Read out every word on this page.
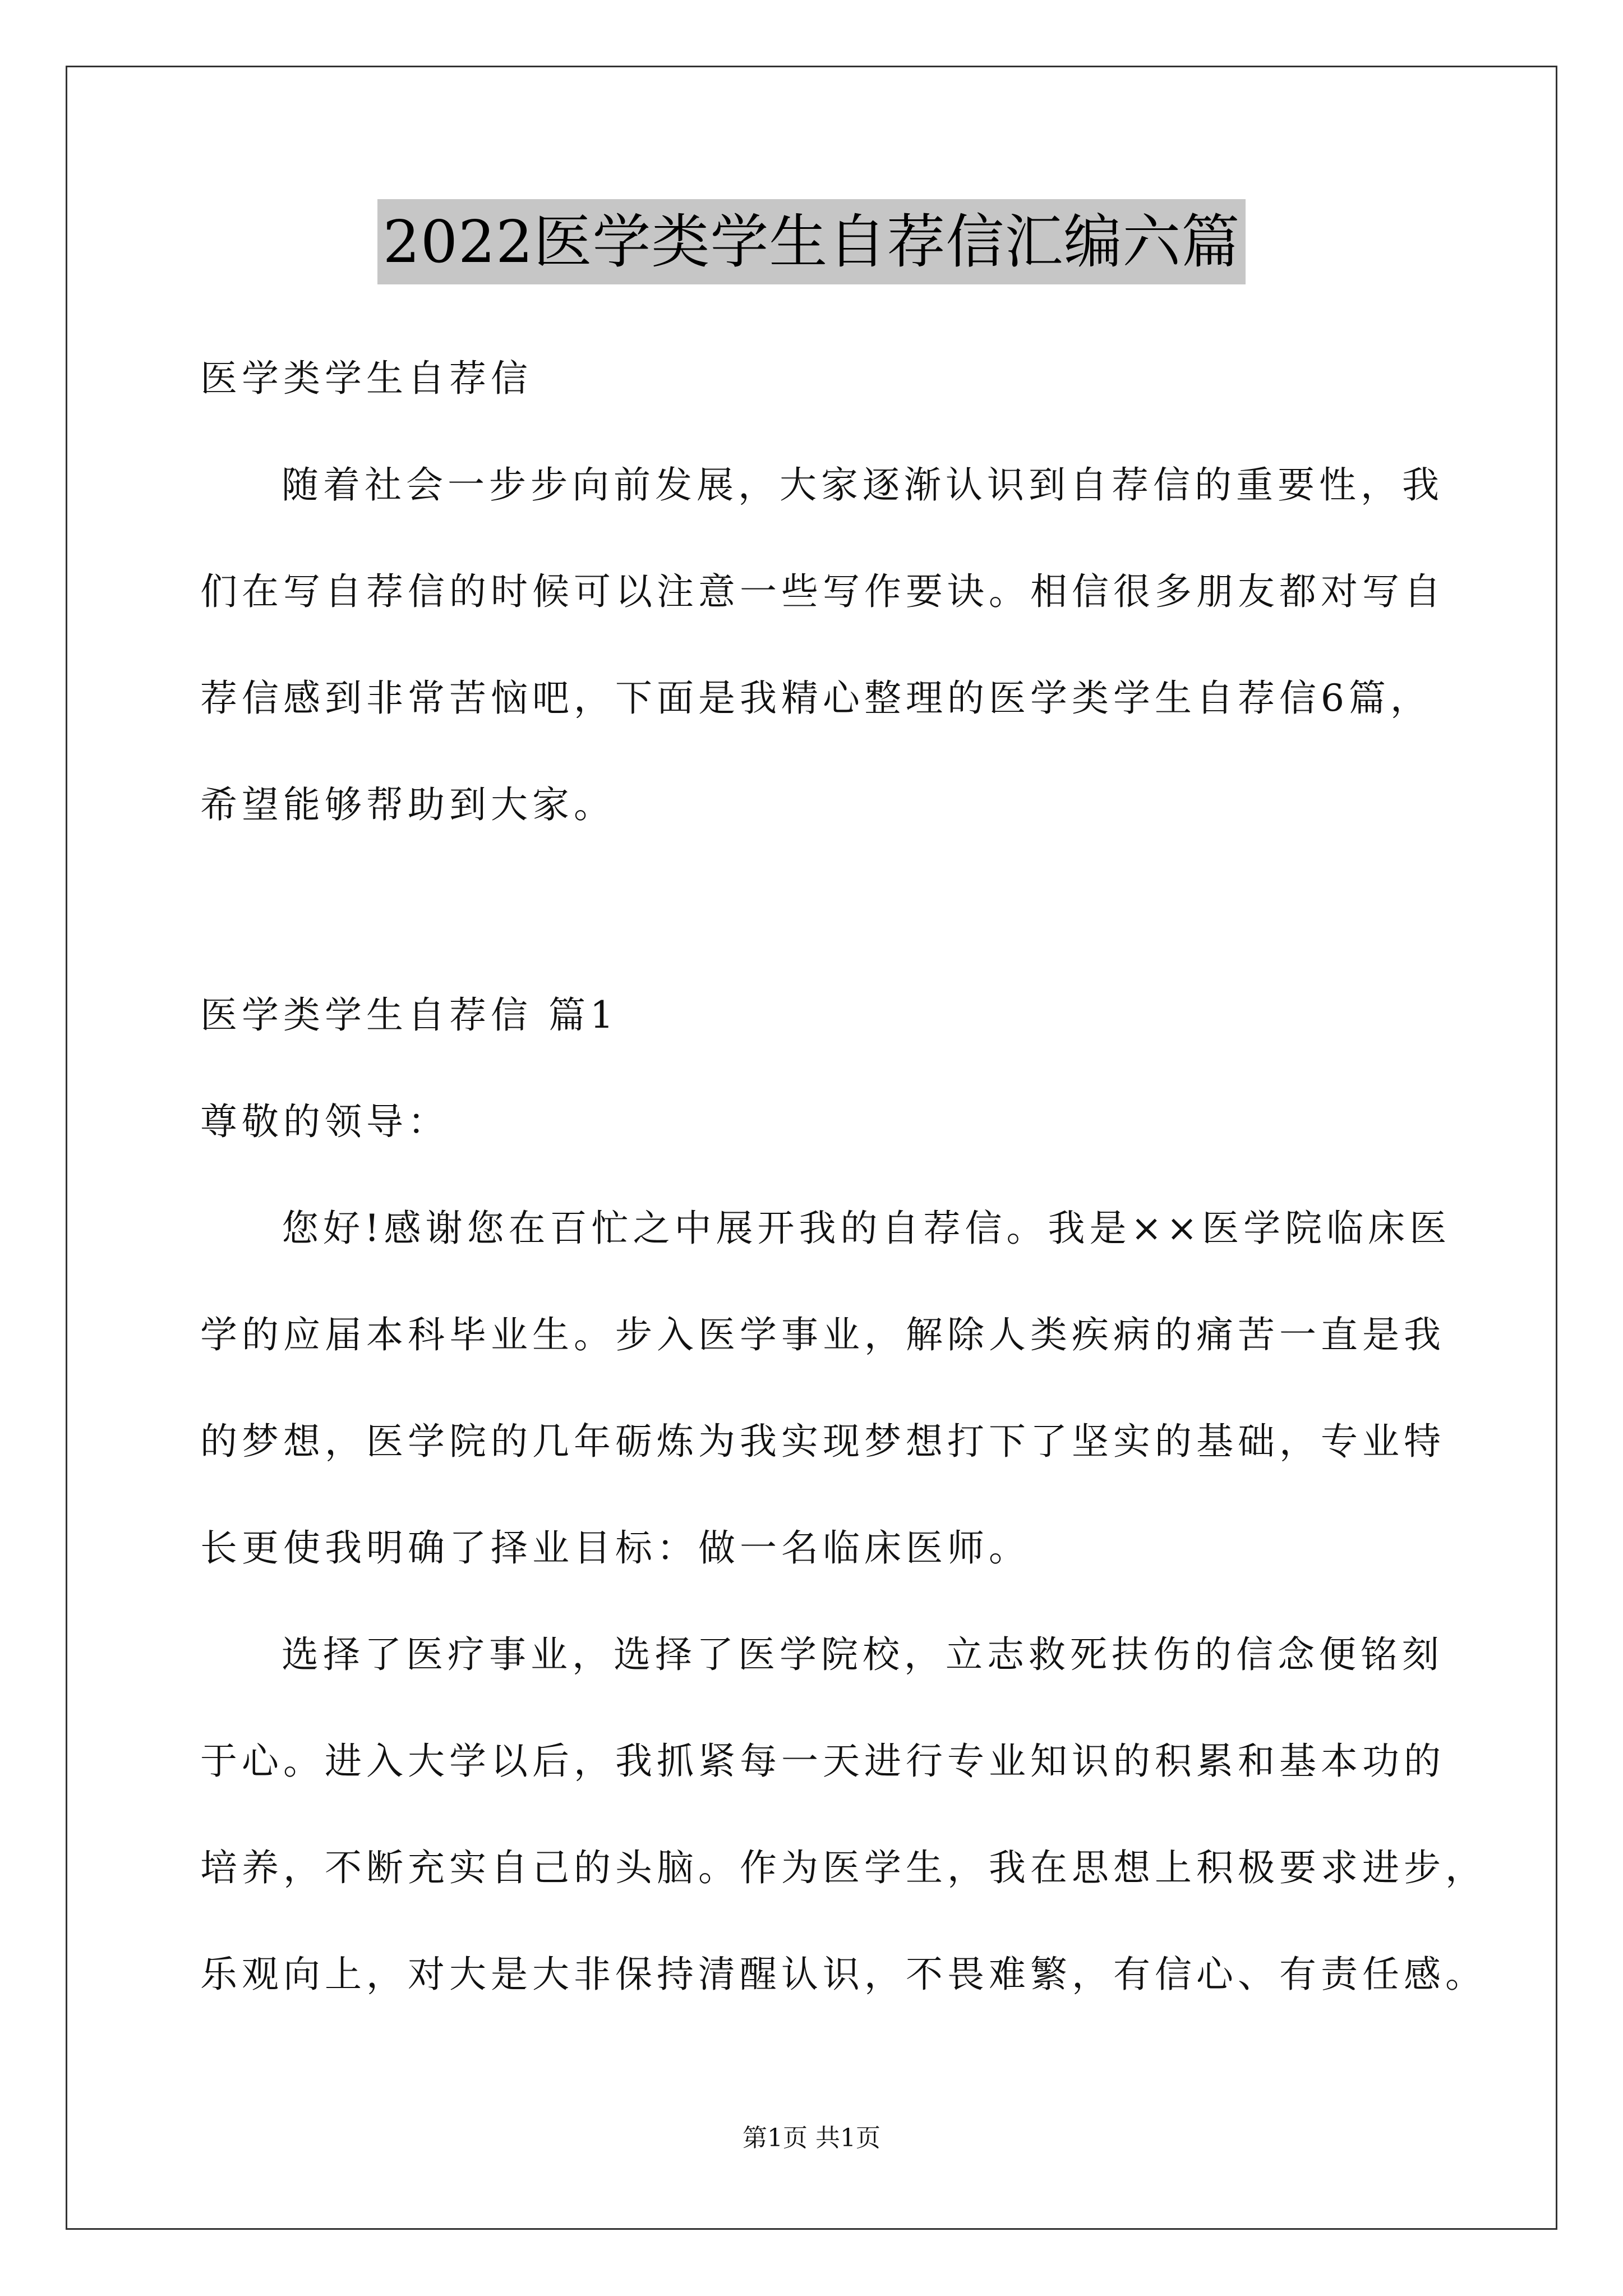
2022医学类学生自荐信汇编六篇
医学类学生自荐信
随着社会一步步向前发展，大家逐渐认识到自荐信的重要性，我
们在写自荐信的时候可以注意一些写作要诀。相信很多朋友都对写自
荐信感到非常苦恼吧，下面是我精心整理的医学类学生自荐信6篇，
希望能够帮助到大家。
医学类学生自荐信 篇1
尊敬的领导：
您好!感谢您在百忙之中展开我的自荐信。我是××医学院临床医
学的应届本科毕业生。步入医学事业，解除人类疾病的痛苦一直是我
的梦想，医学院的几年砺炼为我实现梦想打下了坚实的基础，专业特
长更使我明确了择业目标：做一名临床医师。
选择了医疗事业，选择了医学院校，立志救死扶伤的信念便铭刻
于心。进入大学以后，我抓紧每一天进行专业知识的积累和基本功的
培养，不断充实自己的头脑。作为医学生，我在思想上积极要求进步，
乐观向上，对大是大非保持清醒认识，不畏难繁，有信心、有责任感。
第1页 共1页
